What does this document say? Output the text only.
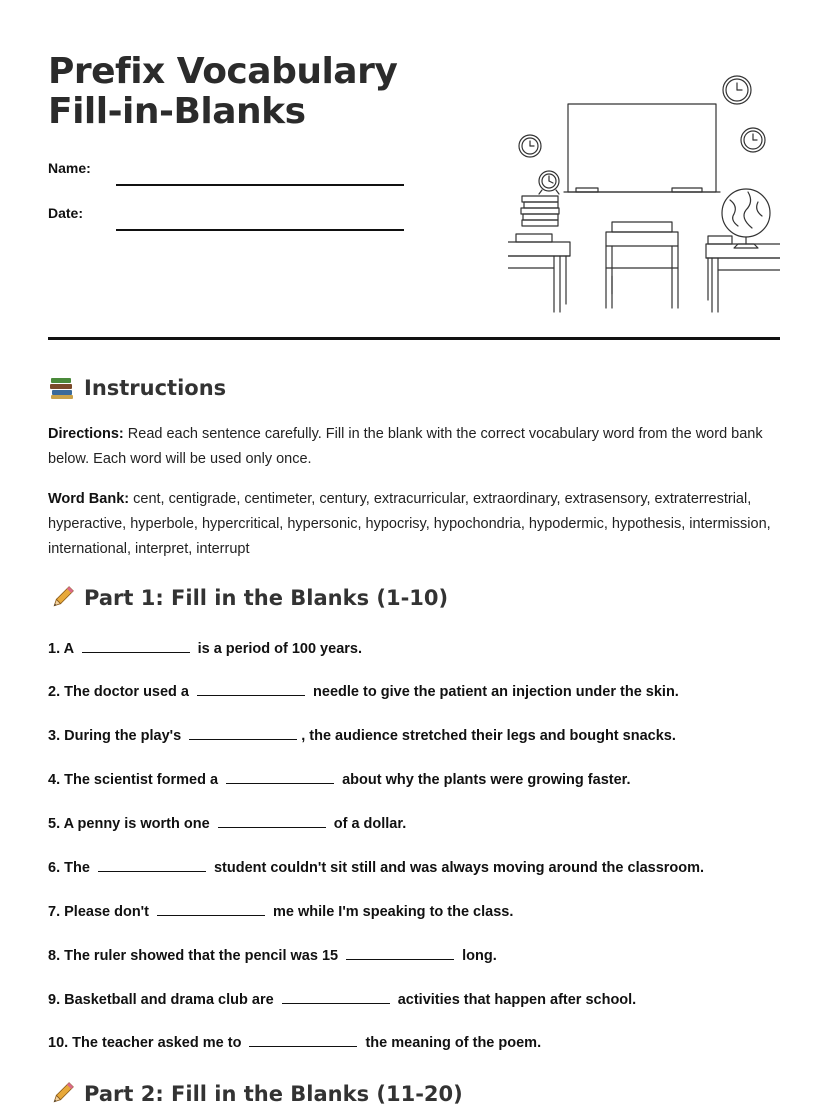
Prefix Vocabulary Fill-in-Blanks
Name:
Date:
Instructions

Directions: Read each sentence carefully. Fill in the blank with the correct vocabulary word from the word bank below. Each word will be used only once.

Word Bank: cent, centigrade, centimeter, century, extracurricular, extraordinary, extrasensory, extraterrestrial, hyperactive, hyperbole, hypercritical, hypersonic, hypocrisy, hypochondria, hypodermic, hypothesis, intermission, international, interpret, interrupt

Part 1: Fill in the Blanks (1-10)

1. A	is a period of 100 years.

2. The doctor used a	needle to give the patient an injection under the skin.

3. During the play's	, the audience stretched their legs and bought snacks.

4. The scientist formed a	about why the plants were growing faster.

5. A penny is worth one	of a dollar.

6. The	student couldn't sit still and was always moving around the classroom.

7. Please don't	me while I'm speaking to the class.

8. The ruler showed that the pencil was 15	long.

9. Basketball and drama club are	activities that happen after school.

10. The teacher asked me to	the meaning of the poem.

Part 2: Fill in the Blanks (11-20)
